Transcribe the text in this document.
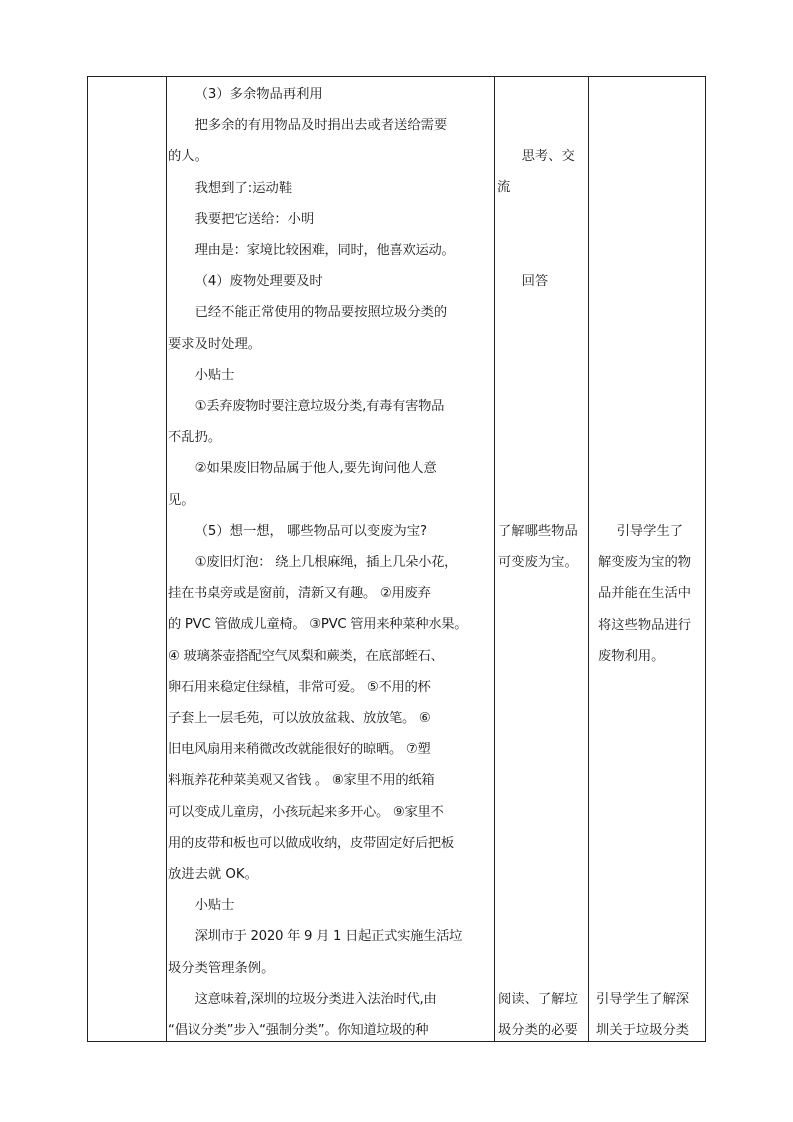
（3）多余物品再利用

把多余的有用物品及时捐出去或者送给需要

的人。

我想到了:运动鞋

我要把它送给：小明

理由是：家境比较困难，同时，他喜欢运动。

（4）废物处理要及时

已经不能正常使用的物品要按照垃圾分类的

要求及时处理。

小贴士

①丢弃废物时要注意垃圾分类,有毒有害物品

不乱扔。

②如果废旧物品属于他人,要先询问他人意

见。

（5）想一想， 哪些物品可以变废为宝?

①废旧灯泡： 绕上几根麻绳，插上几朵小花，

挂在书桌旁或是窗前，清新又有趣。 ②用废弃

的 PVC 管做成儿童椅。 ③PVC 管用来种菜种水果。

④ 玻璃茶壶搭配空气凤梨和蕨类，在底部蛭石、

卵石用来稳定住绿植，非常可爱。 ⑤不用的杯

子套上一层毛苑，可以放放盆栽、放放笔。 ⑥

旧电风扇用来稍微改改就能很好的晾晒。 ⑦塑

料瓶养花种菜美观又省钱 。 ⑧家里不用的纸箱

可以变成儿童房，小孩玩起来多开心。 ⑨家里不

用的皮带和板也可以做成收纳，皮带固定好后把板

放进去就 OK。

小贴士

深圳市于 2020 年 9 月 1 日起正式实施生活垃

圾分类管理条例。

这意味着,深圳的垃圾分类进入法治时代,由

“倡议分类”步入“强制分类”。你知道垃圾的种

思考、交

流

回答

了解哪些物品

可变废为宝。

阅读、了解垃

圾分类的必要

引导学生了

解变废为宝的物

品并能在生活中

将这些物品进行

废物利用。

引导学生了解深

圳关于垃圾分类
